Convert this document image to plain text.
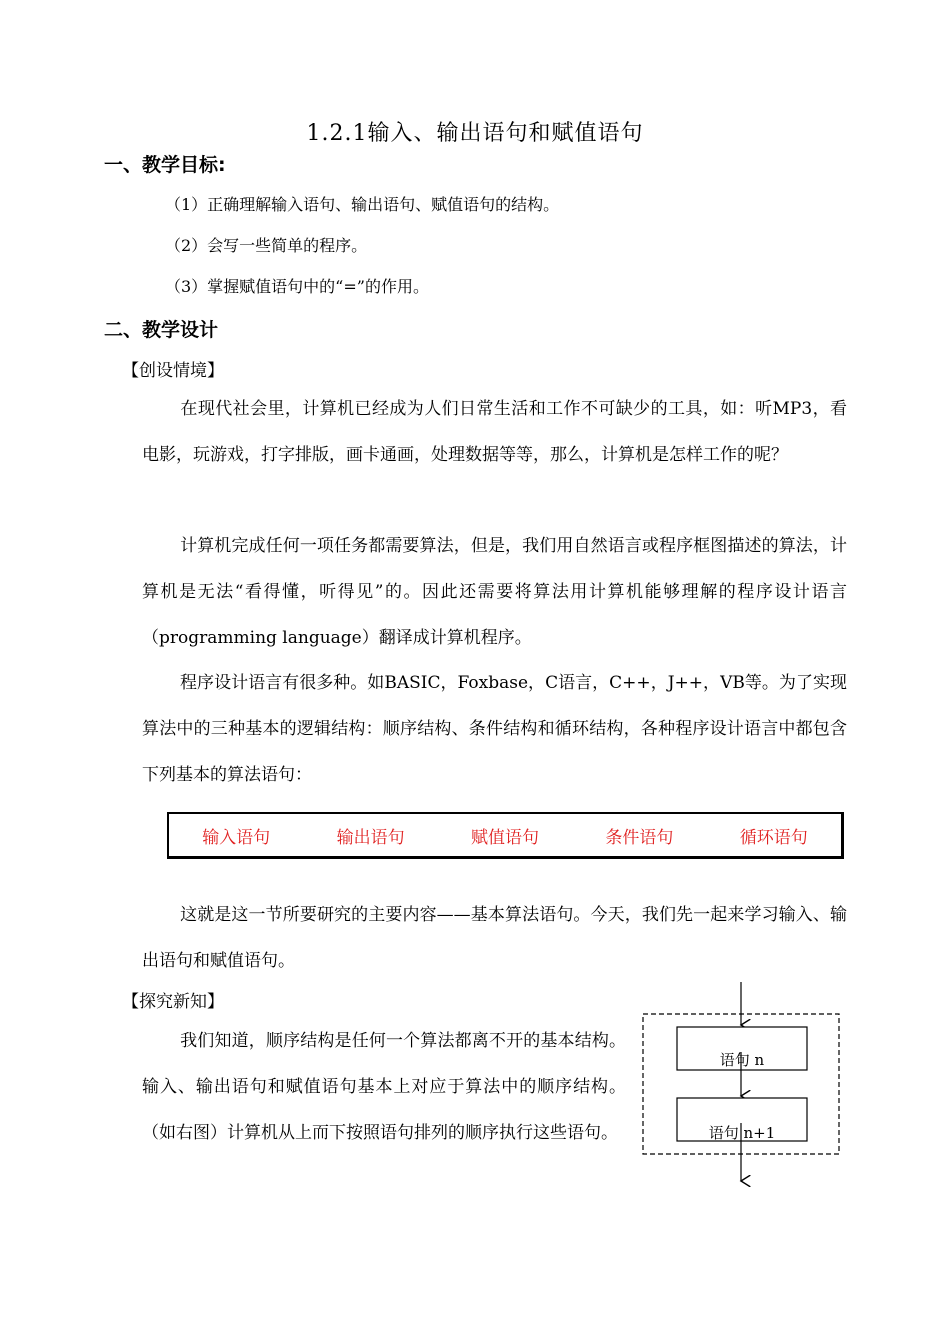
1.2.1输入、输出语句和赋值语句
一、教学目标:
（1）正确理解输入语句、输出语句、赋值语句的结构。
（2）会写一些简单的程序。
（3）掌握赋值语句中的“=”的作用。
二、教学设计
【创设情境】
在现代社会里，计算机已经成为人们日常生活和工作不可缺少的工具，如：听MP3，看电影，玩游戏，打字排版，画卡通画，处理数据等等，那么，计算机是怎样工作的呢？
计算机完成任何一项任务都需要算法，但是，我们用自然语言或程序框图描述的算法，计算机是无法“看得懂，听得见”的。因此还需要将算法用计算机能够理解的程序设计语言（programming language）翻译成计算机程序。
程序设计语言有很多种。如BASIC，Foxbase，C语言，C++，J++，VB等。为了实现算法中的三种基本的逻辑结构：顺序结构、条件结构和循环结构，各种程序设计语言中都包含下列基本的算法语句：
输入语句	输出语句	赋值语句	条件语句	循环语句
这就是这一节所要研究的主要内容——基本算法语句。今天，我们先一起来学习输入、输出语句和赋值语句。
【探究新知】
我们知道，顺序结构是任何一个算法都离不开的基本结构。输入、输出语句和赋值语句基本上对应于算法中的顺序结构。（如右图）计算机从上而下按照语句排列的顺序执行这些语句。
语句 n
语句 n+1
